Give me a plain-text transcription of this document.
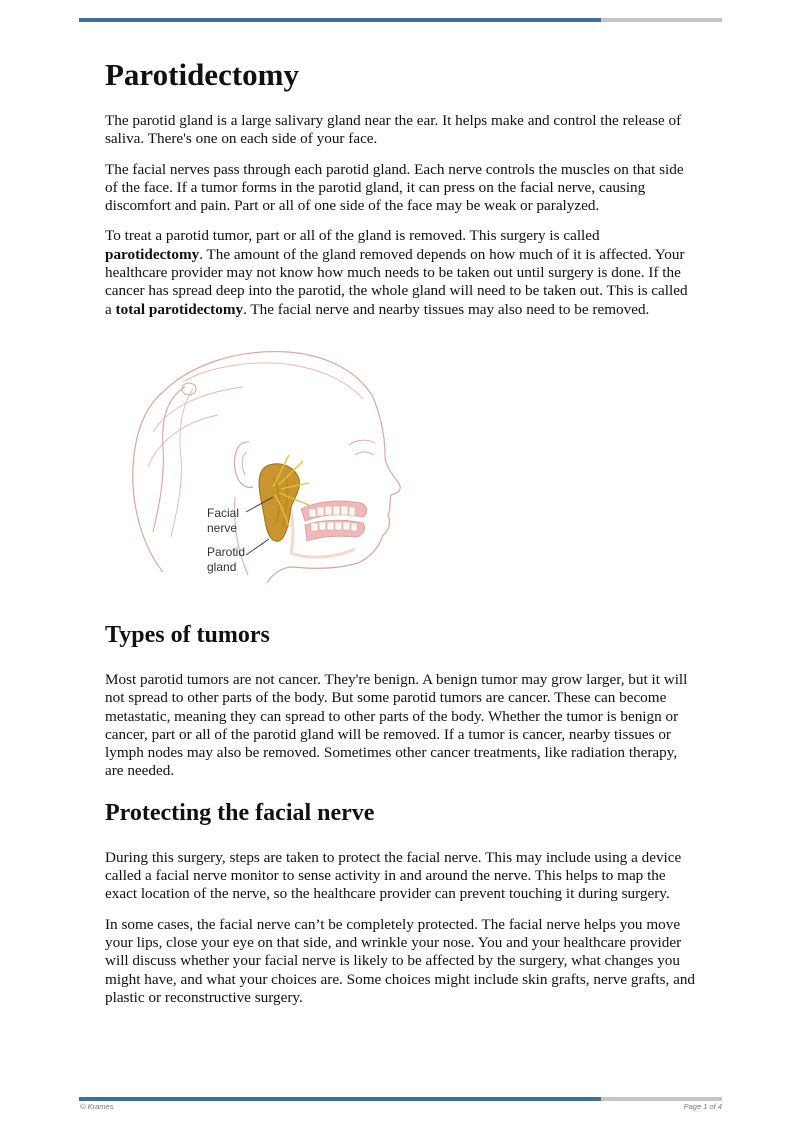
Parotidectomy

The parotid gland is a large salivary gland near the ear. It helps make and control the release of saliva. There's one on each side of your face.

The facial nerves pass through each parotid gland. Each nerve controls the muscles on that side of the face. If a tumor forms in the parotid gland, it can press on the facial nerve, causing discomfort and pain. Part or all of one side of the face may be weak or paralyzed.

To treat a parotid tumor, part or all of the gland is removed. This surgery is called parotidectomy. The amount of the gland removed depends on how much of it is affected. Your healthcare provider may not know how much needs to be taken out until surgery is done. If the cancer has spread deep into the parotid, the whole gland will need to be taken out. This is called a total parotidectomy. The facial nerve and nearby tissues may also need to be removed.

Facial
nerve
Parotid
gland
Types of tumors

Most parotid tumors are not cancer. They're benign. A benign tumor may grow larger, but it will not spread to other parts of the body. But some parotid tumors are cancer. These can become metastatic, meaning they can spread to other parts of the body. Whether the tumor is benign or cancer, part or all of the parotid gland will be removed. If a tumor is cancer, nearby tissues or lymph nodes may also be removed. Sometimes other cancer treatments, like radiation therapy, are needed.

Protecting the facial nerve

During this surgery, steps are taken to protect the facial nerve. This may include using a device called a facial nerve monitor to sense activity in and around the nerve. This helps to map the exact location of the nerve, so the healthcare provider can prevent touching it during surgery.

In some cases, the facial nerve can’t be completely protected. The facial nerve helps you move your lips, close your eye on that side, and wrinkle your nose. You and your healthcare provider will discuss whether your facial nerve is likely to be affected by the surgery, what changes you might have, and what your choices are. Some choices might include skin grafts, nerve grafts, and plastic or reconstructive surgery.

© Krames	Page 1 of 4
